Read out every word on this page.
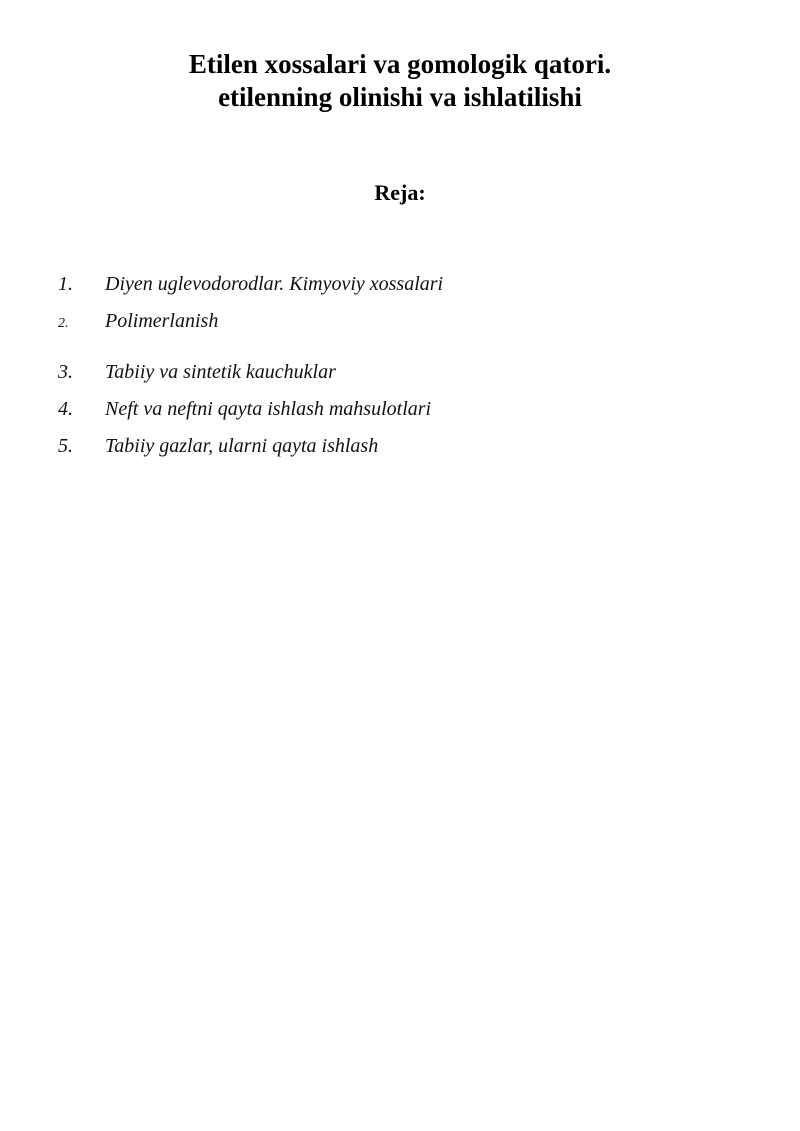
Etilen xossalari va gomologik qatori.
etilenning olinishi va ishlatilishi
Reja:
1. Diyen uglevodorodlar. Kimyoviy xossalari
2. Polimerlanish
3. Tabiiy va sintetik kauchuklar
4. Neft va neftni qayta ishlash mahsulotlari
5. Tabiiy gazlar, ularni qayta ishlash
